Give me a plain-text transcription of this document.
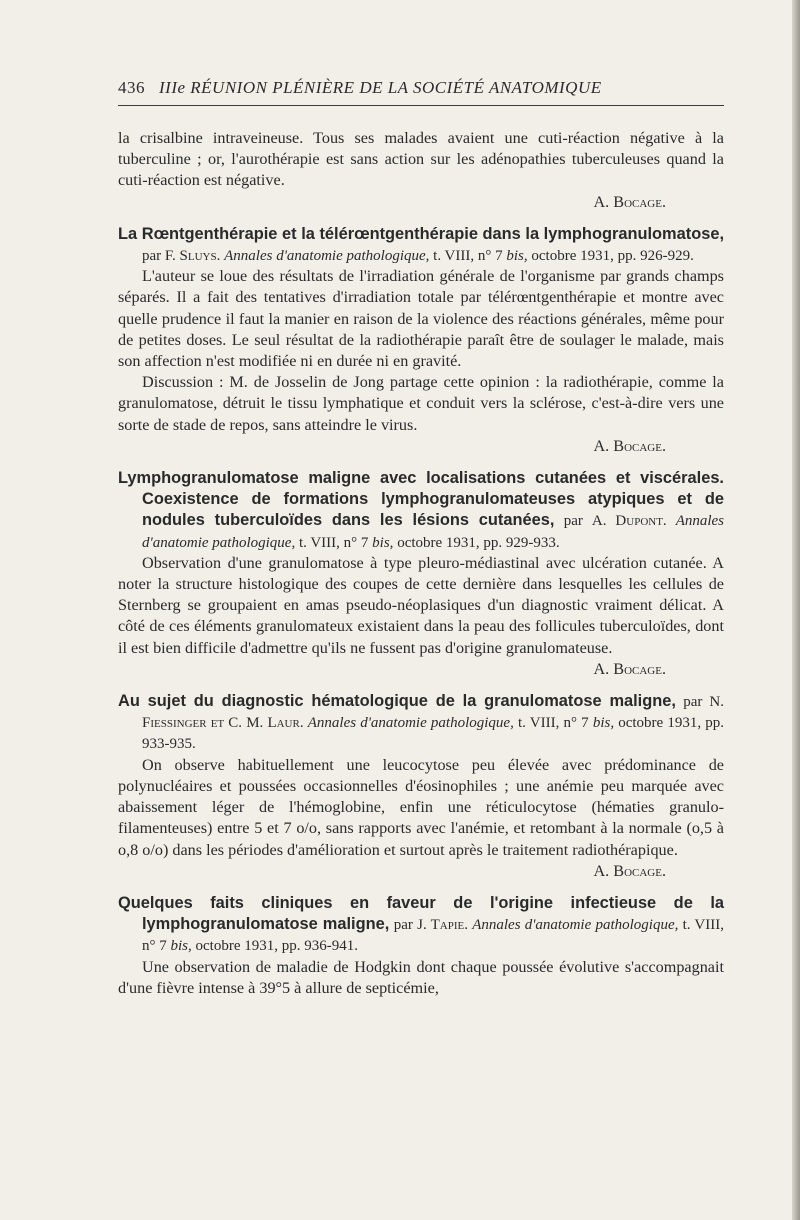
436 IIIe RÉUNION PLÉNIÈRE DE LA SOCIÉTÉ ANATOMIQUE

la crisalbine intraveineuse. Tous ses malades avaient une cuti-réaction négative à la tuberculine ; or, l'aurothérapie est sans action sur les adénopathies tuberculeuses quand la cuti-réaction est négative.

A. Bocage.

La Rœntgenthérapie et la télérœntgenthérapie dans la lymphogranulomatose, par F. Sluys. Annales d'anatomie pathologique, t. VIII, n° 7 bis, octobre 1931, pp. 926-929.

L'auteur se loue des résultats de l'irradiation générale de l'organisme par grands champs séparés. Il a fait des tentatives d'irradiation totale par télérœntgenthérapie et montre avec quelle prudence il faut la manier en raison de la violence des réactions générales, même pour de petites doses. Le seul résultat de la radiothérapie paraît être de soulager le malade, mais son affection n'est modifiée ni en durée ni en gravité.

Discussion : M. de Josselin de Jong partage cette opinion : la radiothérapie, comme la granulomatose, détruit le tissu lymphatique et conduit vers la sclérose, c'est-à-dire vers une sorte de stade de repos, sans atteindre le virus.

A. Bocage.

Lymphogranulomatose maligne avec localisations cutanées et viscérales. Coexistence de formations lymphogranulomateuses atypiques et de nodules tuberculoïdes dans les lésions cutanées, par A. Dupont. Annales d'anatomie pathologique, t. VIII, n° 7 bis, octobre 1931, pp. 929-933.

Observation d'une granulomatose à type pleuro-médiastinal avec ulcération cutanée. A noter la structure histologique des coupes de cette dernière dans lesquelles les cellules de Sternberg se groupaient en amas pseudo-néoplasiques d'un diagnostic vraiment délicat. A côté de ces éléments granulomateux existaient dans la peau des follicules tuberculoïdes, dont il est bien difficile d'admettre qu'ils ne fussent pas d'origine granulomateuse.

A. Bocage.

Au sujet du diagnostic hématologique de la granulomatose maligne, par N. Fiessinger et C. M. Laur. Annales d'anatomie pathologique, t. VIII, n° 7 bis, octobre 1931, pp. 933-935.

On observe habituellement une leucocytose peu élevée avec prédominance de polynucléaires et poussées occasionnelles d'éosinophiles ; une anémie peu marquée avec abaissement léger de l'hémoglobine, enfin une réticulocytose (hématies granulo-filamenteuses) entre 5 et 7 o/o, sans rapports avec l'anémie, et retombant à la normale (o,5 à o,8 o/o) dans les périodes d'amélioration et surtout après le traitement radiothérapique.

A. Bocage.

Quelques faits cliniques en faveur de l'origine infectieuse de la lymphogranulomatose maligne, par J. Tapie. Annales d'anatomie pathologique, t. VIII, n° 7 bis, octobre 1931, pp. 936-941.

Une observation de maladie de Hodgkin dont chaque poussée évolutive s'accompagnait d'une fièvre intense à 39°5 à allure de septicémie,
